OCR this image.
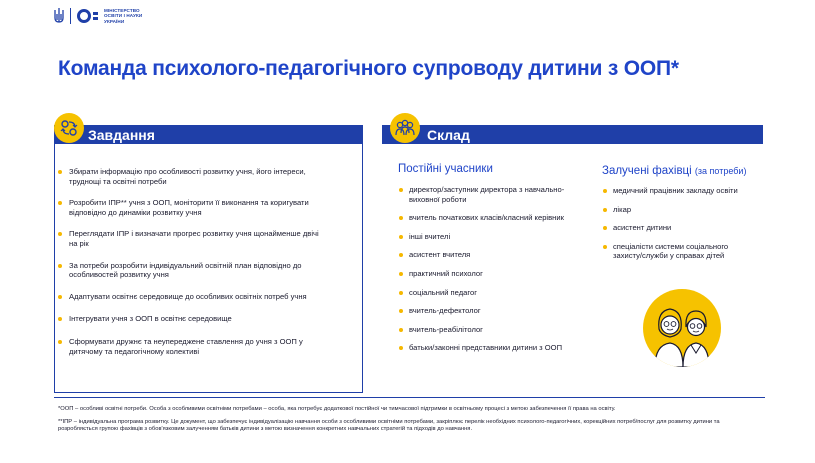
МІНІСТЕРСТВО
ОСВІТИ І НАУКИ
УКРАЇНИ
Команда психолого-педагогічного супроводу дитини з ООП*
Завдання
Збирати інформацію про особливості розвитку учня, його інтереси, труднощі та освітні потреби
Розробити ІПР** учня з ООП, моніторити її виконання та коригувати відповідно до динаміки розвитку учня
Переглядати ІПР і визначати прогрес розвитку учня щонайменше двічі на рік
За потреби розробити індивідуальний освітній план відповідно до особливостей розвитку учня
Адаптувати освітнє середовище до особливих освітніх потреб учня
Інтегрувати учня з ООП в освітнє середовище
Сформувати дружнє та неупереджене ставлення до учня з ООП у дитячому та педагогічному колективі
Склад
Постійні учасники	Залучені фахівці (за потреби)
директор/заступник директора з навчально-виховної роботи
вчитель початкових класів/класний керівник
інші вчителі
асистент вчителя
практичний психолог
соціальний педагог
вчитель-дефектолог
вчитель-реабілітолог
батьки/законні представники дитини з ООП
медичний працівник закладу освіти
лікар
асистент дитини
спеціалісти системи соціального захисту/служби у справах дітей
*ООП – особливі освітні потреби. Особа з особливими освітніми потребами – особа, яка потребує додаткової постійної чи тимчасової підтримки в освітньому процесі з метою забезпечення її права на освіту.
**ІПР – індивідуальна програма розвитку. Це документ, що забезпечує індивідуалізацію навчання особи з особливими освітніми потребами, закріплює перелік необхідних психолого-педагогічних, корекційних потреб/послуг для розвитку дитини та розробляється групою фахівців з обов'язковим залученням батьків дитини з метою визначення конкретних навчальних стратегій та підходів до навчання.
